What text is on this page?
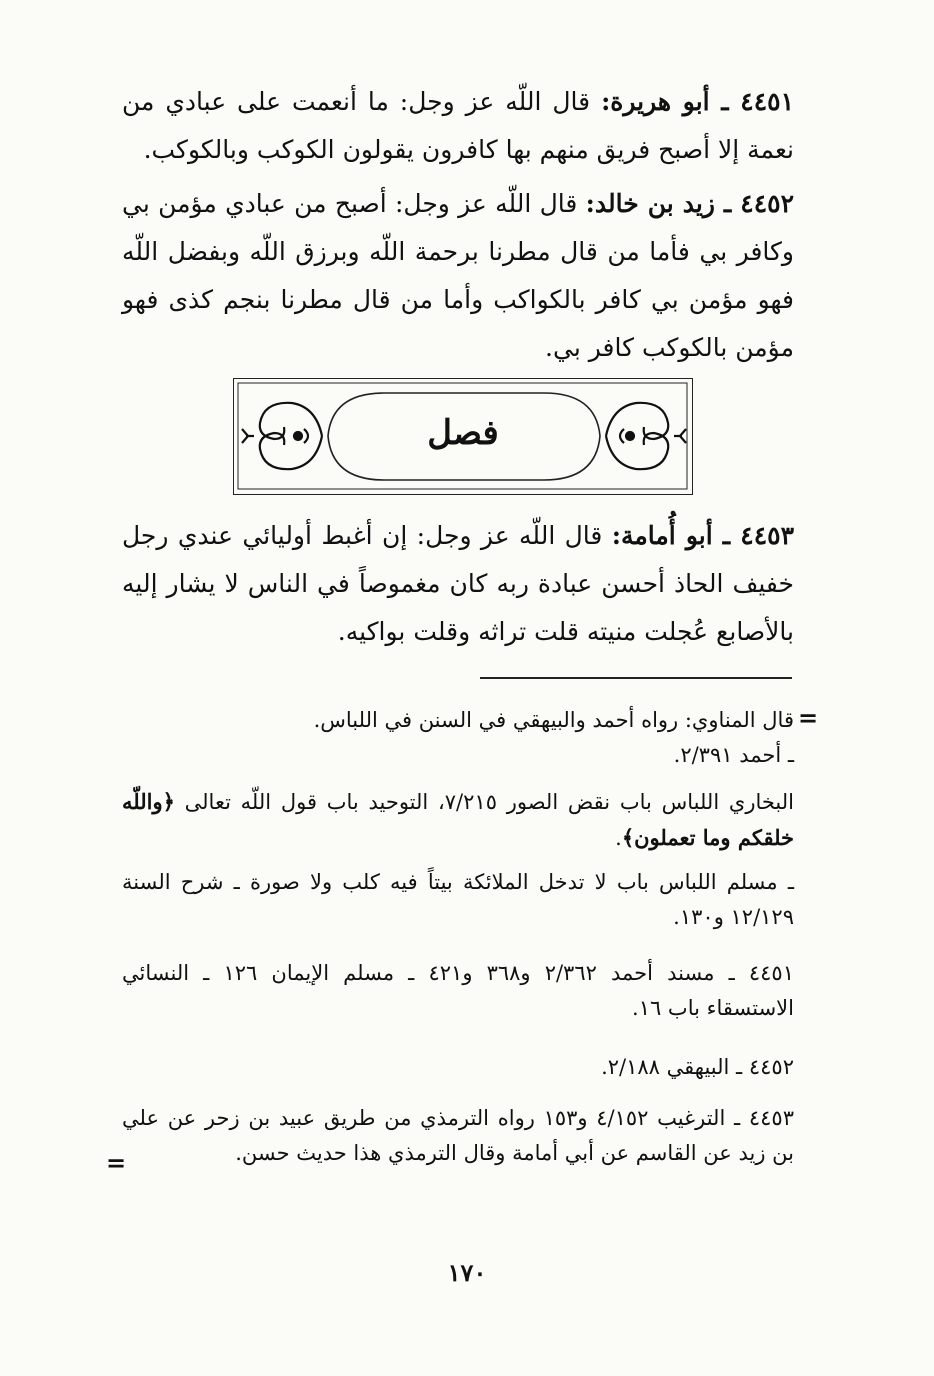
٤٤٥١ ـ أبو هريرة: قال اللّه عز وجل: ما أنعمت على عبادي من نعمة إلا أصبح فريق منهم بها كافرون يقولون الكوكب وبالكوكب.
٤٤٥٢ ـ زيد بن خالد: قال اللّه عز وجل: أصبح من عبادي مؤمن بي وكافر بي فأما من قال مطرنا برحمة اللّه وبرزق اللّه وبفضل اللّه فهو مؤمن بي كافر بالكواكب وأما من قال مطرنا بنجم كذى فهو مؤمن بالكوكب كافر بي.
فصل
٤٤٥٣ ـ أبو أُمامة: قال اللّه عز وجل: إن أغبط أوليائي عندي رجل خفيف الحاذ أحسن عبادة ربه كان مغموصاً في الناس لا يشار إليه بالأصابع عُجلت منيته قلت تراثه وقلت بواكيه.
=
قال المناوي: رواه أحمد والبيهقي في السنن في اللباس.
ـ أحمد ٢/٣٩١.
البخاري اللباس باب نقض الصور ٧/٢١٥، التوحيد باب قول اللّه تعالى ﴿واللّه خلقكم وما تعملون﴾.
ـ مسلم اللباس باب لا تدخل الملائكة بيتاً فيه كلب ولا صورة ـ شرح السنة ١٢/١٢٩ و١٣٠.
٤٤٥١ ـ مسند أحمد ٢/٣٦٢ و٣٦٨ و٤٢١ ـ مسلم الإيمان ١٢٦ ـ النسائي الاستسقاء باب ١٦.
٤٤٥٢ ـ البيهقي ٢/١٨٨.
٤٤٥٣ ـ الترغيب ٤/١٥٢ و١٥٣ رواه الترمذي من طريق عبيد بن زحر عن علي بن زيد عن القاسم عن أبي أمامة وقال الترمذي هذا حديث حسن.
=
١٧٠
